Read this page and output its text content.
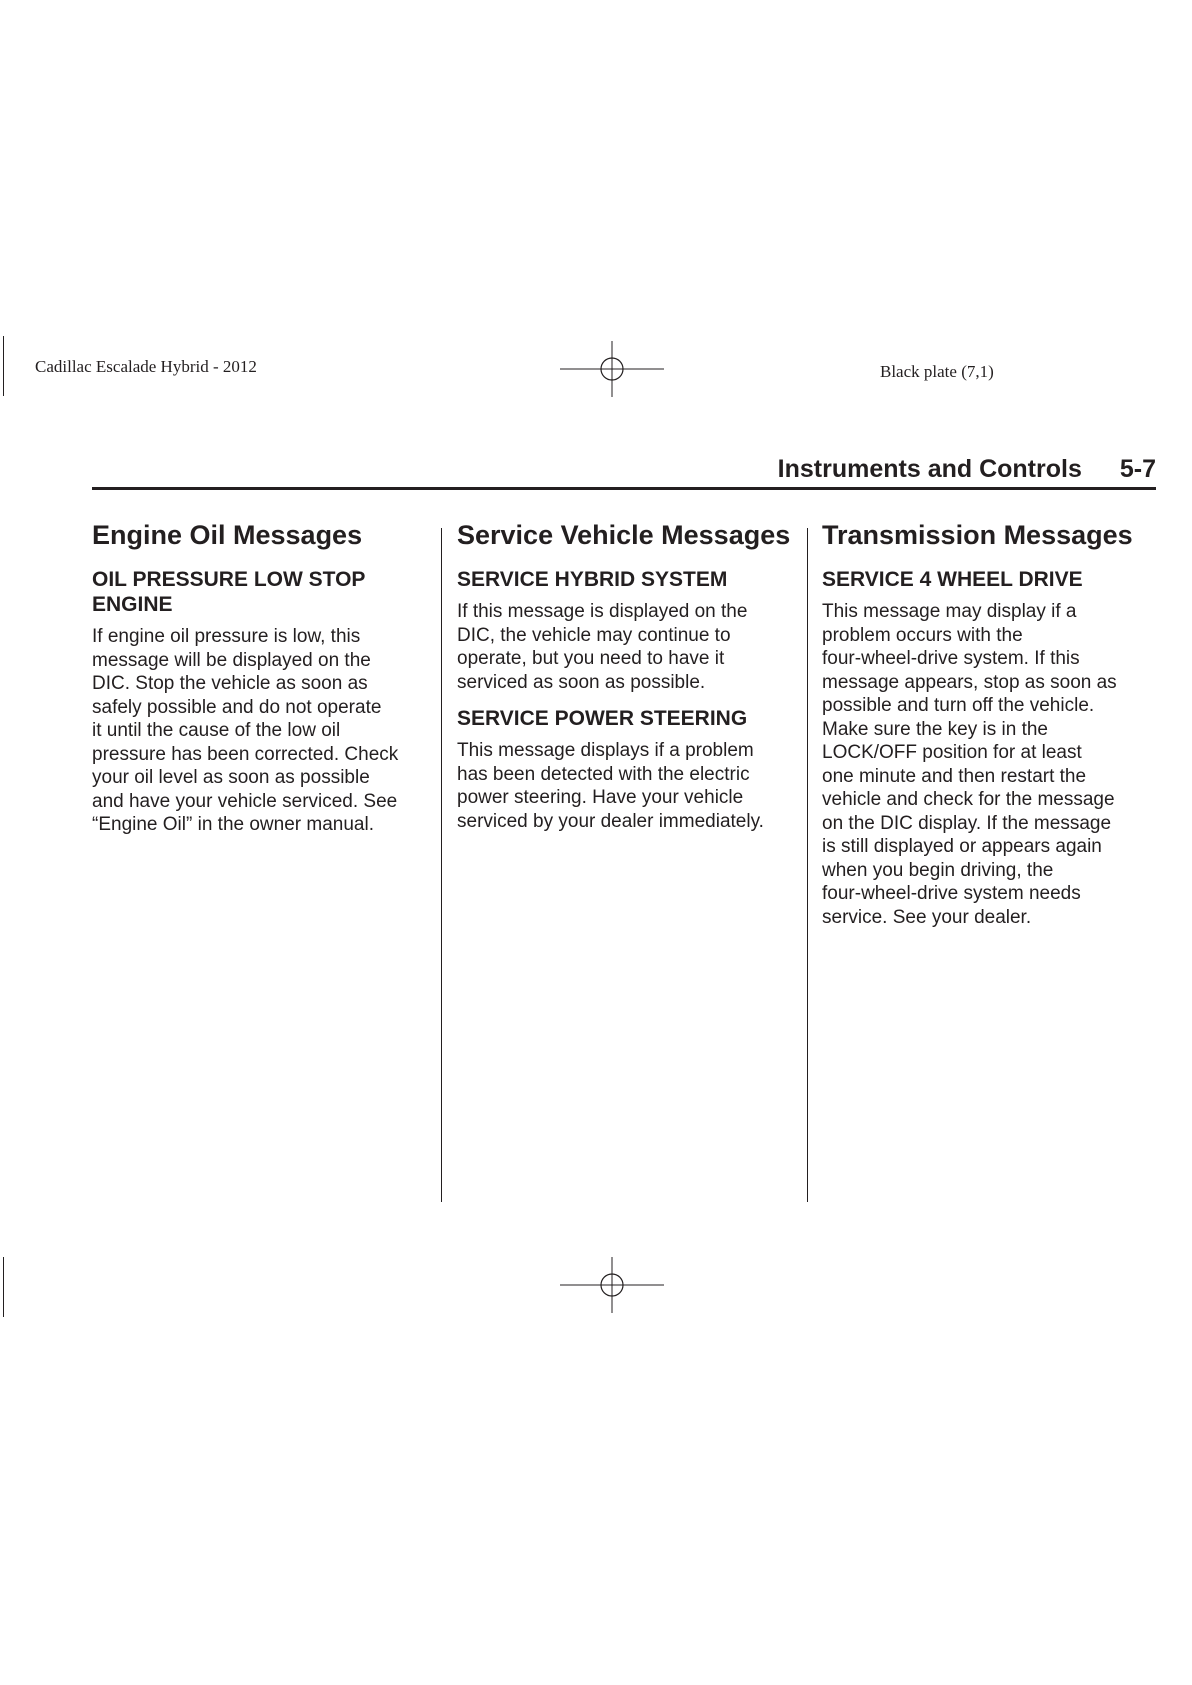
Cadillac Escalade Hybrid - 2012	Black plate (7,1)
Instruments and Controls 5-7
Engine Oil Messages
OIL PRESSURE LOW STOP ENGINE

If engine oil pressure is low, this
message will be displayed on the
DIC. Stop the vehicle as soon as
safely possible and do not operate
it until the cause of the low oil
pressure has been corrected. Check
your oil level as soon as possible
and have your vehicle serviced. See
“Engine Oil” in the owner manual.

Service Vehicle Messages
SERVICE HYBRID SYSTEM

If this message is displayed on the
DIC, the vehicle may continue to
operate, but you need to have it
serviced as soon as possible.

SERVICE POWER STEERING

This message displays if a problem
has been detected with the electric
power steering. Have your vehicle
serviced by your dealer immediately.

Transmission Messages
SERVICE 4 WHEEL DRIVE

This message may display if a
problem occurs with the
four-wheel-drive system. If this
message appears, stop as soon as
possible and turn off the vehicle.
Make sure the key is in the
LOCK/OFF position for at least
one minute and then restart the
vehicle and check for the message
on the DIC display. If the message
is still displayed or appears again
when you begin driving, the
four-wheel-drive system needs
service. See your dealer.
